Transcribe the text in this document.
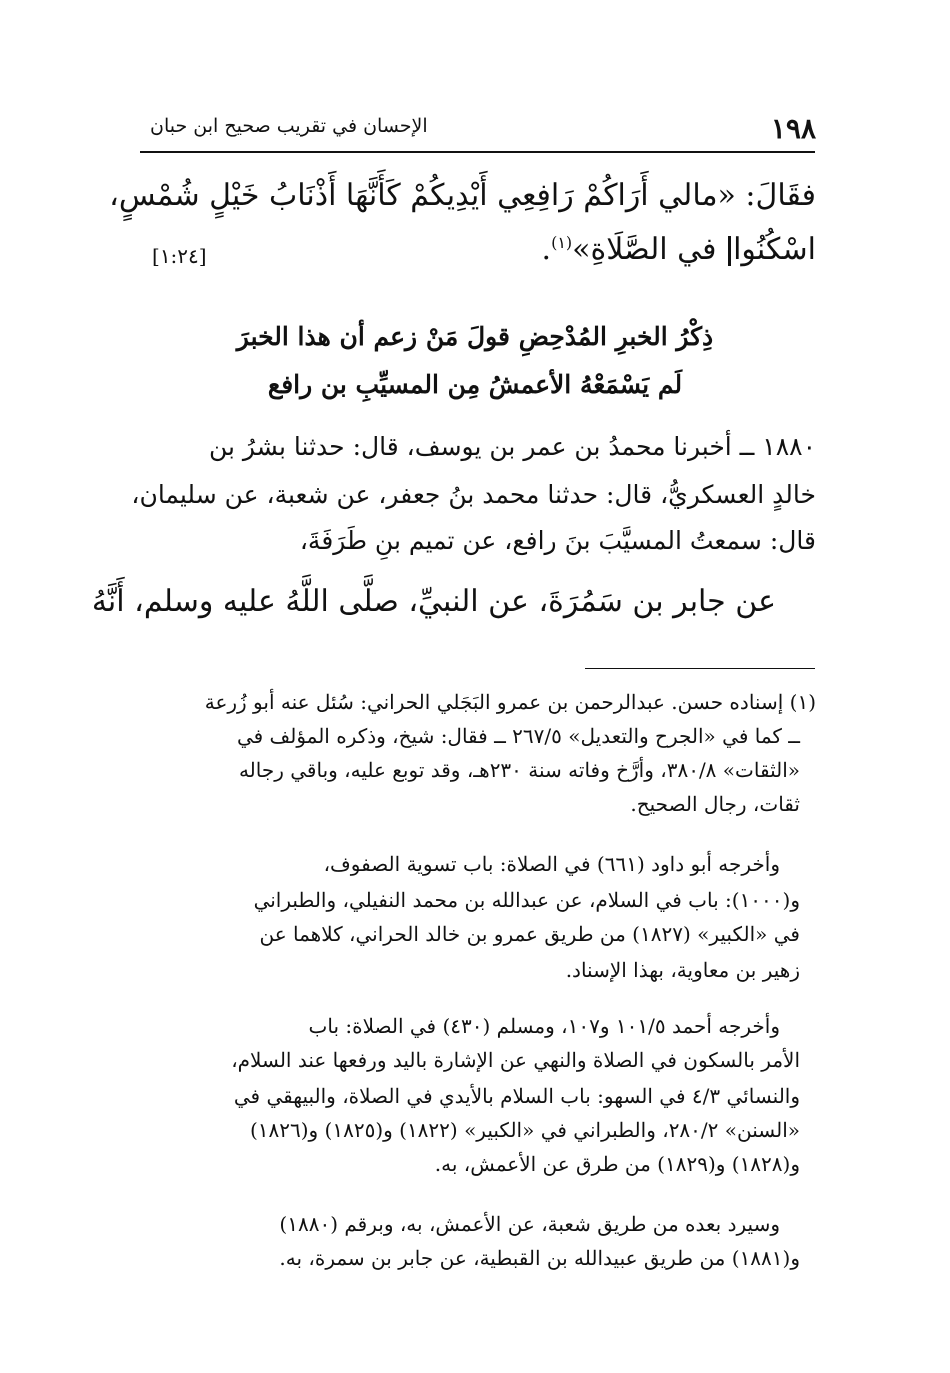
١٩٨
الإحسان في تقريب صحيح ابن حبان
فقَالَ: «مالي أَرَاكُمْ رَافِعِي أَيْدِيكُمْ كَأَنَّهَا أَذْنَابُ خَيْلٍ شُمْسٍ،
اسْكُنُوا في الصَّلَاةِ»$^{(١)}$.
[١:٢٤]
ذِكْرُ الخبرِ المُدْحِضِ قولَ مَنْ زعم أن هذا الخبرَ
لَم يَسْمَعْهُ الأعمشُ مِن المسيِّبِ بن رافع
١٨٨٠ ــ أخبرنا محمدُ بن عمر بن يوسف، قال: حدثنا بشرُ بن
خالدٍ العسكريُّ، قال: حدثنا محمد بنُ جعفر، عن شعبة، عن سليمان،
قال: سمعتُ المسيَّبَ بنَ رافع، عن تميم بنِ طَرَفَةَ،
عن جابر بن سَمُرَةَ، عن النبيِّ، صلَّى اللَّهُ عليه وسلم، أَنَّهُ
(١) إسناده حسن. عبدالرحمن بن عمرو البَجَلي الحراني: سُئل عنه أبو زُرعة
ــ كما في «الجرح والتعديل» ٢٦٧/٥ ــ فقال: شيخ، وذكره المؤلف في
«الثقات» ٣٨٠/٨، وأرَّخ وفاته سنة ٢٣٠هـ، وقد توبع عليه، وباقي رجاله
ثقات، رجال الصحيح.
وأخرجه أبو داود (٦٦١) في الصلاة: باب تسوية الصفوف،
و(١٠٠٠): باب في السلام، عن عبدالله بن محمد النفيلي، والطبراني
في «الكبير» (١٨٢٧) من طريق عمرو بن خالد الحراني، كلاهما عن
زهير بن معاوية، بهذا الإسناد.
وأخرجه أحمد ١٠١/٥ و١٠٧، ومسلم (٤٣٠) في الصلاة: باب
الأمر بالسكون في الصلاة والنهي عن الإشارة باليد ورفعها عند السلام،
والنسائي ٤/٣ في السهو: باب السلام بالأيدي في الصلاة، والبيهقي في
«السنن» ٢٨٠/٢، والطبراني في «الكبير» (١٨٢٢) و(١٨٢٥) و(١٨٢٦)
و(١٨٢٨) و(١٨٢٩) من طرق عن الأعمش، به.
وسيرد بعده من طريق شعبة، عن الأعمش، به، وبرقم (١٨٨٠)
و(١٨٨١) من طريق عبيدالله بن القبطية، عن جابر بن سمرة، به.
